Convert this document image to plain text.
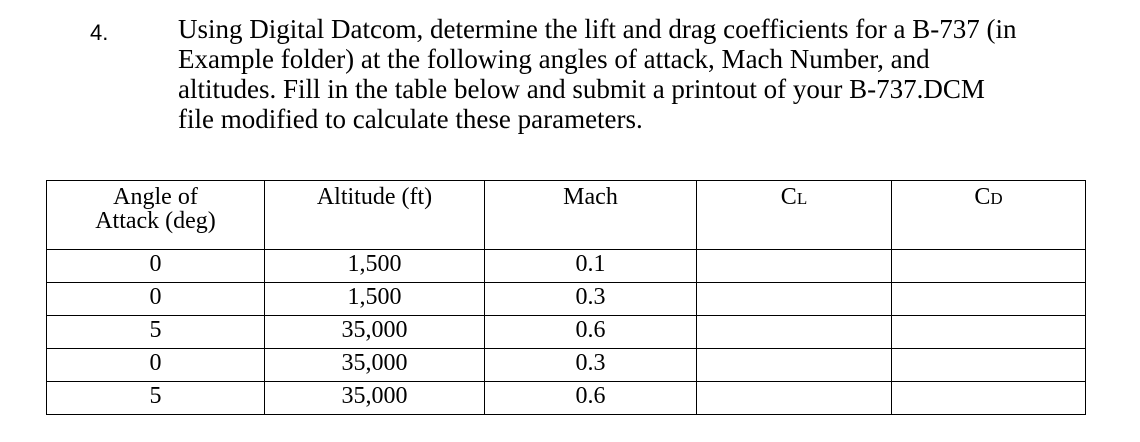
4.	Using Digital Datcom, determine the lift and drag coefficients for a B-737 (in
Example folder) at the following angles of attack, Mach Number, and
altitudes. Fill in the table below and submit a printout of your B-737.DCM
file modified to calculate these parameters.
Angle of
Attack (deg)	Altitude (ft)	Mach	CL	CD
0	1,500	0.1		
0	1,500	0.3		
5	35,000	0.6		
0	35,000	0.3		
5	35,000	0.6		
